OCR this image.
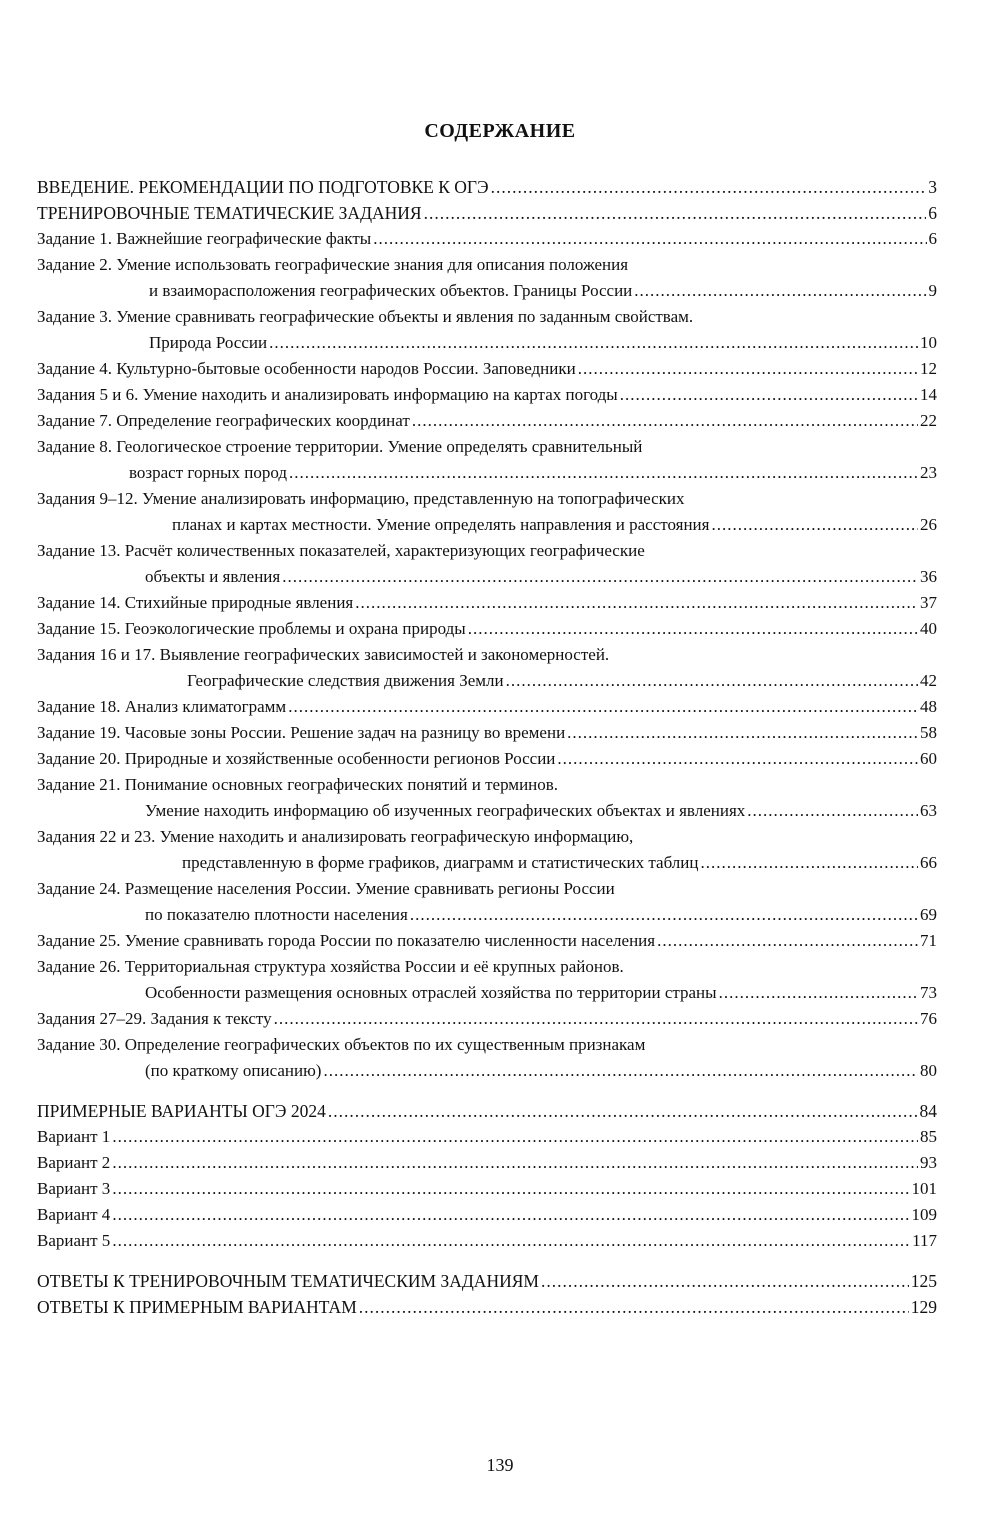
СОДЕРЖАНИЕ
ВВЕДЕНИЕ. РЕКОМЕНДАЦИИ ПО ПОДГОТОВКЕ К ОГЭ .....	3
ТРЕНИРОВОЧНЫЕ ТЕМАТИЧЕСКИЕ ЗАДАНИЯ .....	6
Задание 1. Важнейшие географические факты .....	6
Задание 2. Умение использовать географические знания для описания положения
и взаиморасположения географических объектов. Границы России .....	9
Задание 3. Умение сравнивать географические объекты и явления по заданным свойствам.
Природа России .....	10
Задание 4. Культурно-бытовые особенности народов России. Заповедники .....	12
Задания 5 и 6. Умение находить и анализировать информацию на картах погоды .....	14
Задание 7. Определение географических координат .....	22
Задание 8. Геологическое строение территории. Умение определять сравнительный
возраст горных пород .....	23
Задания 9–12. Умение анализировать информацию, представленную на топографических
планах и картах местности. Умение определять направления и расстояния .....	26
Задание 13. Расчёт количественных показателей, характеризующих географические
объекты и явления .....	36
Задание 14. Стихийные природные явления .....	37
Задание 15. Геоэкологические проблемы и охрана природы .....	40
Задания 16 и 17. Выявление географических зависимостей и закономерностей.
Географические следствия движения Земли .....	42
Задание 18. Анализ климатограмм .....	48
Задание 19. Часовые зоны России. Решение задач на разницу во времени .....	58
Задание 20. Природные и хозяйственные особенности регионов России .....	60
Задание 21. Понимание основных географических понятий и терминов.
Умение находить информацию об изученных географических объектах и явлениях .....	63
Задания 22 и 23. Умение находить и анализировать географическую информацию,
представленную в форме графиков, диаграмм и статистических таблиц .....	66
Задание 24. Размещение населения России. Умение сравнивать регионы России
по показателю плотности населения .....	69
Задание 25. Умение сравнивать города России по показателю численности населения .....	71
Задание 26. Территориальная структура хозяйства России и её крупных районов.
Особенности размещения основных отраслей хозяйства по территории страны .....	73
Задания 27–29. Задания к тексту .....	76
Задание 30. Определение географических объектов по их существенным признакам
(по краткому описанию) .....	80
ПРИМЕРНЫЕ ВАРИАНТЫ ОГЭ 2024 .....	84
Вариант 1 .....	85
Вариант 2 .....	93
Вариант 3 .....	101
Вариант 4 .....	109
Вариант 5 .....	117
ОТВЕТЫ К ТРЕНИРОВОЧНЫМ ТЕМАТИЧЕСКИМ ЗАДАНИЯМ .....	125
ОТВЕТЫ К ПРИМЕРНЫМ ВАРИАНТАМ .....	129
139
